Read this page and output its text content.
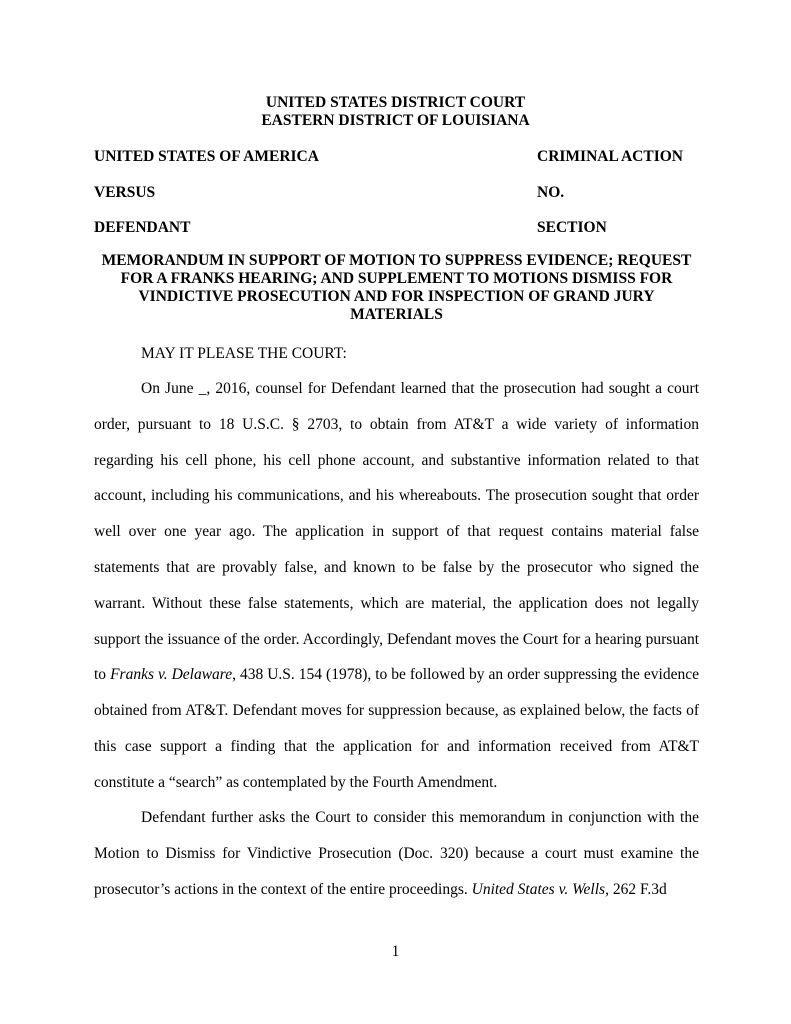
UNITED STATES DISTRICT COURT
EASTERN DISTRICT OF LOUISIANA
UNITED STATES OF AMERICA	CRIMINAL ACTION
VERSUS	NO.
DEFENDANT	SECTION
MEMORANDUM IN SUPPORT OF MOTION TO SUPPRESS EVIDENCE; REQUEST
FOR A FRANKS HEARING; AND SUPPLEMENT TO MOTIONS DISMISS FOR
VINDICTIVE PROSECUTION AND FOR INSPECTION OF GRAND JURY
MATERIALS
MAY IT PLEASE THE COURT:
On June _, 2016, counsel for Defendant learned that the prosecution had sought a court order, pursuant to 18 U.S.C. § 2703, to obtain from AT&T a wide variety of information regarding his cell phone, his cell phone account, and substantive information related to that account, including his communications, and his whereabouts. The prosecution sought that order well over one year ago. The application in support of that request contains material false statements that are provably false, and known to be false by the prosecutor who signed the warrant. Without these false statements, which are material, the application does not legally support the issuance of the order. Accordingly, Defendant moves the Court for a hearing pursuant to Franks v. Delaware, 438 U.S. 154 (1978), to be followed by an order suppressing the evidence obtained from AT&T. Defendant moves for suppression because, as explained below, the facts of this case support a finding that the application for and information received from AT&T constitute a “search” as contemplated by the Fourth Amendment.
Defendant further asks the Court to consider this memorandum in conjunction with the Motion to Dismiss for Vindictive Prosecution (Doc. 320) because a court must examine the prosecutor’s actions in the context of the entire proceedings. United States v. Wells, 262 F.3d
1
